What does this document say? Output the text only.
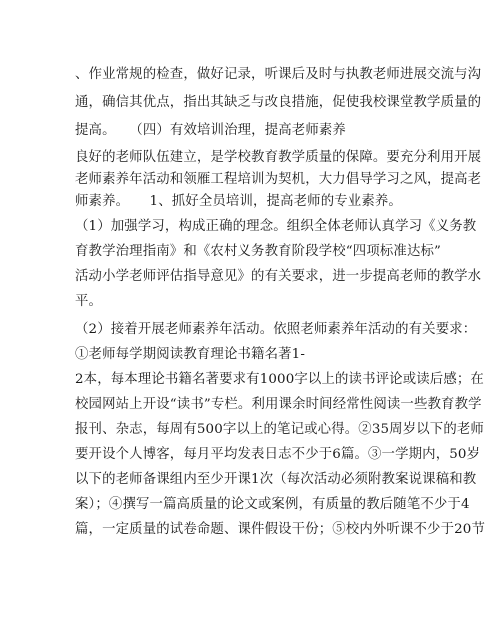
、作业常规的检查，做好记录，听课后及时与执教老师进展交流与沟
通，确信其优点，指出其缺乏与改良措施，促使我校课堂教学质量的
提高。　　（四）有效培训治理，提高老师素养
良好的老师队伍建立，是学校教育教学质量的保障。要充分利用开展
老师素养年活动和领雁工程培训为契机，大力倡导学习之风，提高老
师素养。　　1、抓好全员培训，提高老师的专业素养。
（1）加强学习，构成正确的理念。组织全体老师认真学习《义务教
育教学治理指南》和《农村义务教育阶段学校“四项标准达标”
活动小学老师评估指导意见》的有关要求，进一步提高老师的教学水
平。
（2）接着开展老师素养年活动。依照老师素养年活动的有关要求：
①老师每学期阅读教育理论书籍名著1-
2本，每本理论书籍名著要求有1000字以上的读书评论或读后感；在
校园网站上开设“读书”专栏。利用课余时间经常性阅读一些教育教学
报刊、杂志，每周有500字以上的笔记或心得。②35周岁以下的老师
要开设个人博客，每月平均发表日志不少于6篇。③一学期内，50岁
以下的老师备课组内至少开课1次（每次活动必须附教案说课稿和教
案）；④撰写一篇高质量的论文或案例，有质量的教后随笔不少于4
篇，一定质量的试卷命题、课件假设干份；⑤校内外听课不少于20节
